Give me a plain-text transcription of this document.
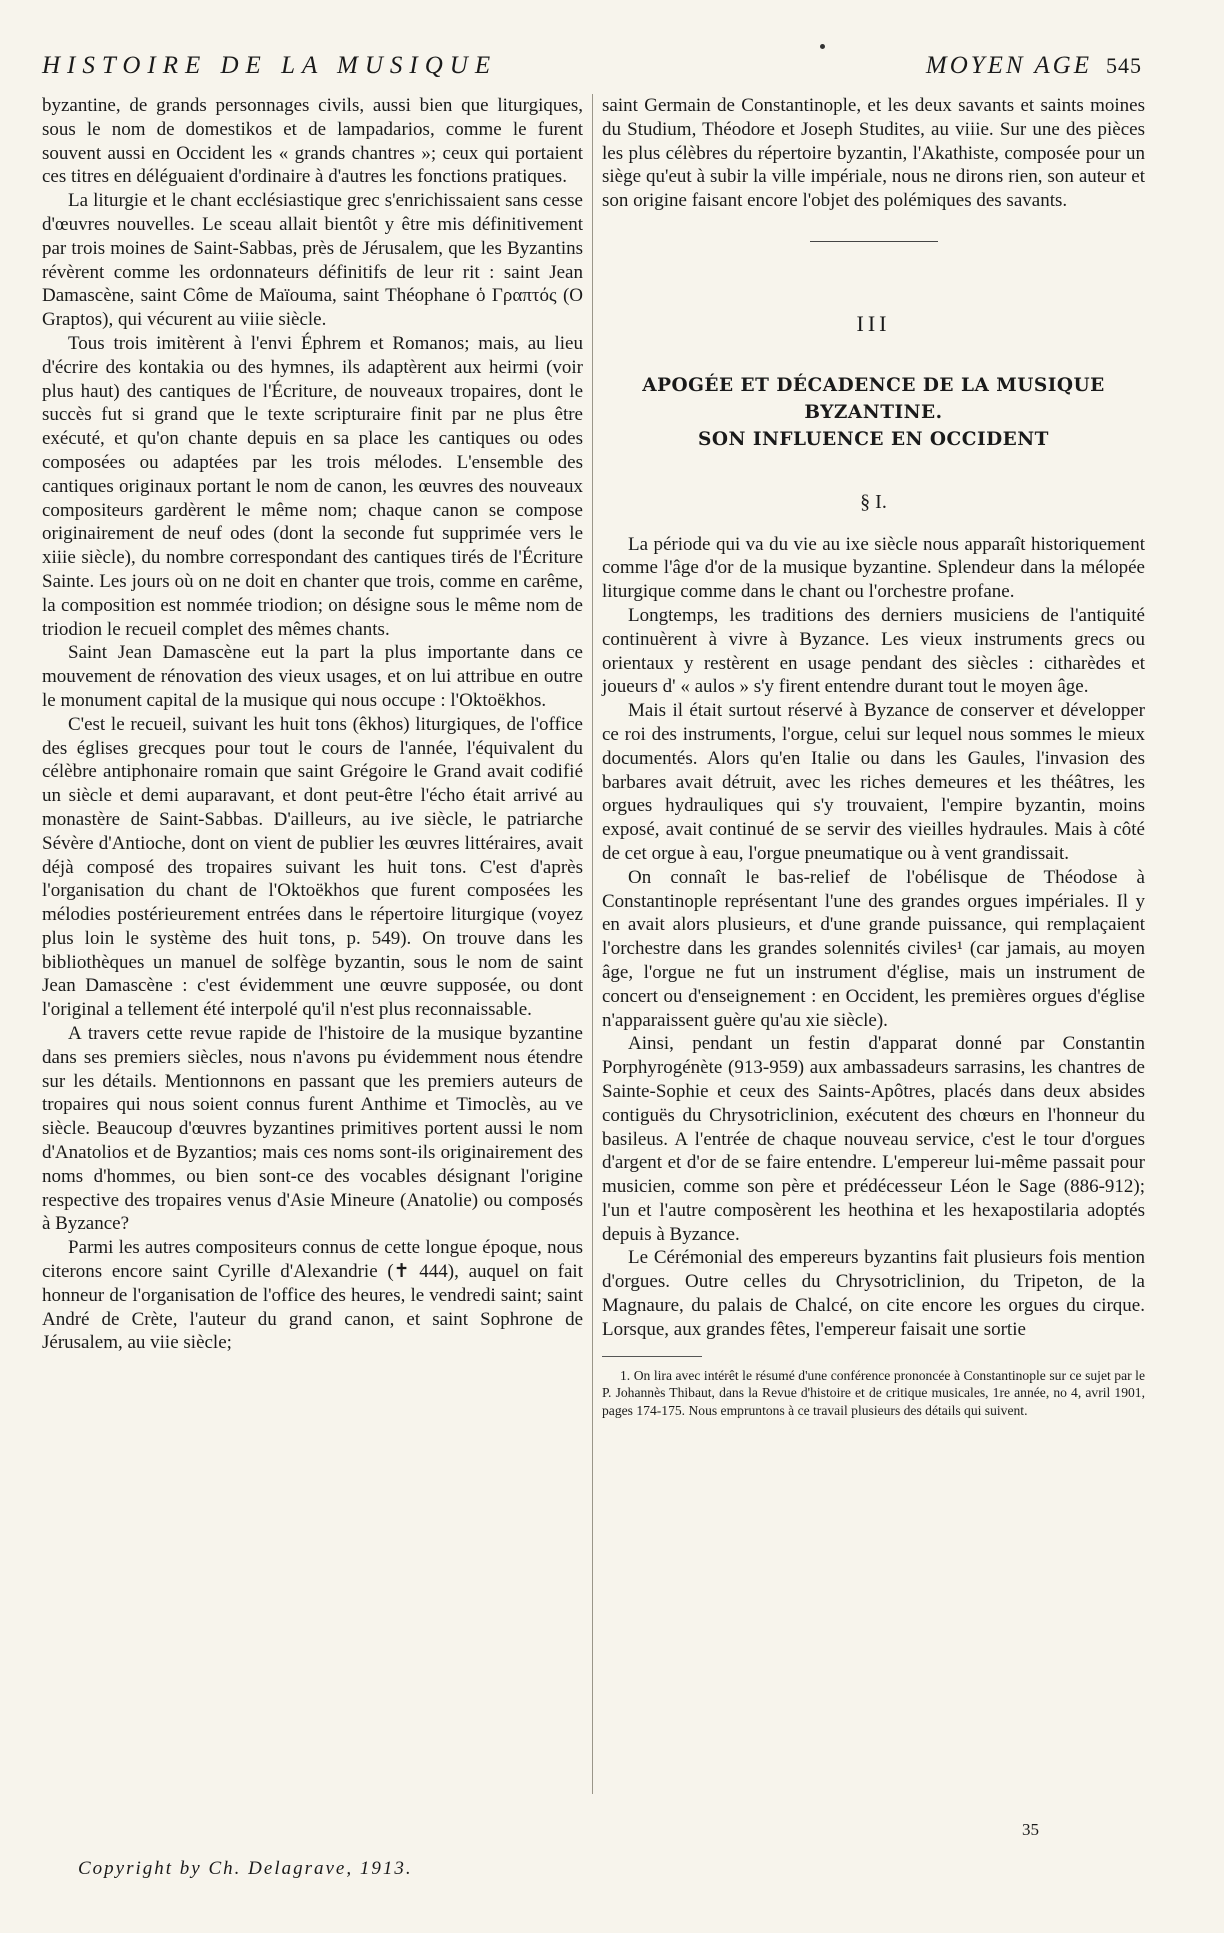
HISTOIRE DE LA MUSIQUE	MOYEN AGE 545

byzantine, de grands personnages civils, aussi bien que liturgiques, sous le nom de domestikos et de lampadarios, comme le furent souvent aussi en Occident les « grands chantres »; ceux qui portaient ces titres en déléguaient d'ordinaire à d'autres les fonctions pratiques.

La liturgie et le chant ecclésiastique grec s'enrichissaient sans cesse d'œuvres nouvelles. Le sceau allait bientôt y être mis définitivement par trois moines de Saint-Sabbas, près de Jérusalem, que les Byzantins révèrent comme les ordonnateurs définitifs de leur rit : saint Jean Damascène, saint Côme de Maïouma, saint Théophane ὁ Γραπτός (O Graptos), qui vécurent au viiie siècle.

Tous trois imitèrent à l'envi Éphrem et Romanos; mais, au lieu d'écrire des kontakia ou des hymnes, ils adaptèrent aux heirmi (voir plus haut) des cantiques de l'Écriture, de nouveaux tropaires, dont le succès fut si grand que le texte scripturaire finit par ne plus être exécuté, et qu'on chante depuis en sa place les cantiques ou odes composées ou adaptées par les trois mélodes. L'ensemble des cantiques originaux portant le nom de canon, les œuvres des nouveaux compositeurs gardèrent le même nom; chaque canon se compose originairement de neuf odes (dont la seconde fut supprimée vers le xiiie siècle), du nombre correspondant des cantiques tirés de l'Écriture Sainte. Les jours où on ne doit en chanter que trois, comme en carême, la composition est nommée triodion; on désigne sous le même nom de triodion le recueil complet des mêmes chants.

Saint Jean Damascène eut la part la plus importante dans ce mouvement de rénovation des vieux usages, et on lui attribue en outre le monument capital de la musique qui nous occupe : l'Oktoëkhos.

C'est le recueil, suivant les huit tons (êkhos) liturgiques, de l'office des églises grecques pour tout le cours de l'année, l'équivalent du célèbre antiphonaire romain que saint Grégoire le Grand avait codifié un siècle et demi auparavant, et dont peut-être l'écho était arrivé au monastère de Saint-Sabbas. D'ailleurs, au ive siècle, le patriarche Sévère d'Antioche, dont on vient de publier les œuvres littéraires, avait déjà composé des tropaires suivant les huit tons. C'est d'après l'organisation du chant de l'Oktoëkhos que furent composées les mélodies postérieurement entrées dans le répertoire liturgique (voyez plus loin le système des huit tons, p. 549). On trouve dans les bibliothèques un manuel de solfège byzantin, sous le nom de saint Jean Damascène : c'est évidemment une œuvre supposée, ou dont l'original a tellement été interpolé qu'il n'est plus reconnaissable.

A travers cette revue rapide de l'histoire de la musique byzantine dans ses premiers siècles, nous n'avons pu évidemment nous étendre sur les détails. Mentionnons en passant que les premiers auteurs de tropaires qui nous soient connus furent Anthime et Timoclès, au ve siècle. Beaucoup d'œuvres byzantines primitives portent aussi le nom d'Anatolios et de Byzantios; mais ces noms sont-ils originairement des noms d'hommes, ou bien sont-ce des vocables désignant l'origine respective des tropaires venus d'Asie Mineure (Anatolie) ou composés à Byzance?

Parmi les autres compositeurs connus de cette longue époque, nous citerons encore saint Cyrille d'Alexandrie (✝ 444), auquel on fait honneur de l'organisation de l'office des heures, le vendredi saint; saint André de Crète, l'auteur du grand canon, et saint Sophrone de Jérusalem, au viie siècle;

saint Germain de Constantinople, et les deux savants et saints moines du Studium, Théodore et Joseph Studites, au viiie. Sur une des pièces les plus célèbres du répertoire byzantin, l'Akathiste, composée pour un siège qu'eut à subir la ville impériale, nous ne dirons rien, son auteur et son origine faisant encore l'objet des polémiques des savants.

III
APOGÉE ET DÉCADENCE DE LA MUSIQUE
BYZANTINE.
SON INFLUENCE EN OCCIDENT
§ I.

La période qui va du vie au ixe siècle nous apparaît historiquement comme l'âge d'or de la musique byzantine. Splendeur dans la mélopée liturgique comme dans le chant ou l'orchestre profane.

Longtemps, les traditions des derniers musiciens de l'antiquité continuèrent à vivre à Byzance. Les vieux instruments grecs ou orientaux y restèrent en usage pendant des siècles : citharèdes et joueurs d' « aulos » s'y firent entendre durant tout le moyen âge.

Mais il était surtout réservé à Byzance de conserver et développer ce roi des instruments, l'orgue, celui sur lequel nous sommes le mieux documentés. Alors qu'en Italie ou dans les Gaules, l'invasion des barbares avait détruit, avec les riches demeures et les théâtres, les orgues hydrauliques qui s'y trouvaient, l'empire byzantin, moins exposé, avait continué de se servir des vieilles hydraules. Mais à côté de cet orgue à eau, l'orgue pneumatique ou à vent grandissait.

On connaît le bas-relief de l'obélisque de Théodose à Constantinople représentant l'une des grandes orgues impériales. Il y en avait alors plusieurs, et d'une grande puissance, qui remplaçaient l'orchestre dans les grandes solennités civiles¹ (car jamais, au moyen âge, l'orgue ne fut un instrument d'église, mais un instrument de concert ou d'enseignement : en Occident, les premières orgues d'église n'apparaissent guère qu'au xie siècle).

Ainsi, pendant un festin d'apparat donné par Constantin Porphyrogénète (913-959) aux ambassadeurs sarrasins, les chantres de Sainte-Sophie et ceux des Saints-Apôtres, placés dans deux absides contiguës du Chrysotriclinion, exécutent des chœurs en l'honneur du basileus. A l'entrée de chaque nouveau service, c'est le tour d'orgues d'argent et d'or de se faire entendre. L'empereur lui-même passait pour musicien, comme son père et prédécesseur Léon le Sage (886-912); l'un et l'autre composèrent les heothina et les hexapostilaria adoptés depuis à Byzance.

Le Cérémonial des empereurs byzantins fait plusieurs fois mention d'orgues. Outre celles du Chrysotriclinion, du Tripeton, de la Magnaure, du palais de Chalcé, on cite encore les orgues du cirque. Lorsque, aux grandes fêtes, l'empereur faisait une sortie

1. On lira avec intérêt le résumé d'une conférence prononcée à Constantinople sur ce sujet par le P. Johannès Thibaut, dans la Revue d'histoire et de critique musicales, 1re année, no 4, avril 1901, pages 174-175. Nous empruntons à ce travail plusieurs des détails qui suivent.

35
Copyright by Ch. Delagrave, 1913.
